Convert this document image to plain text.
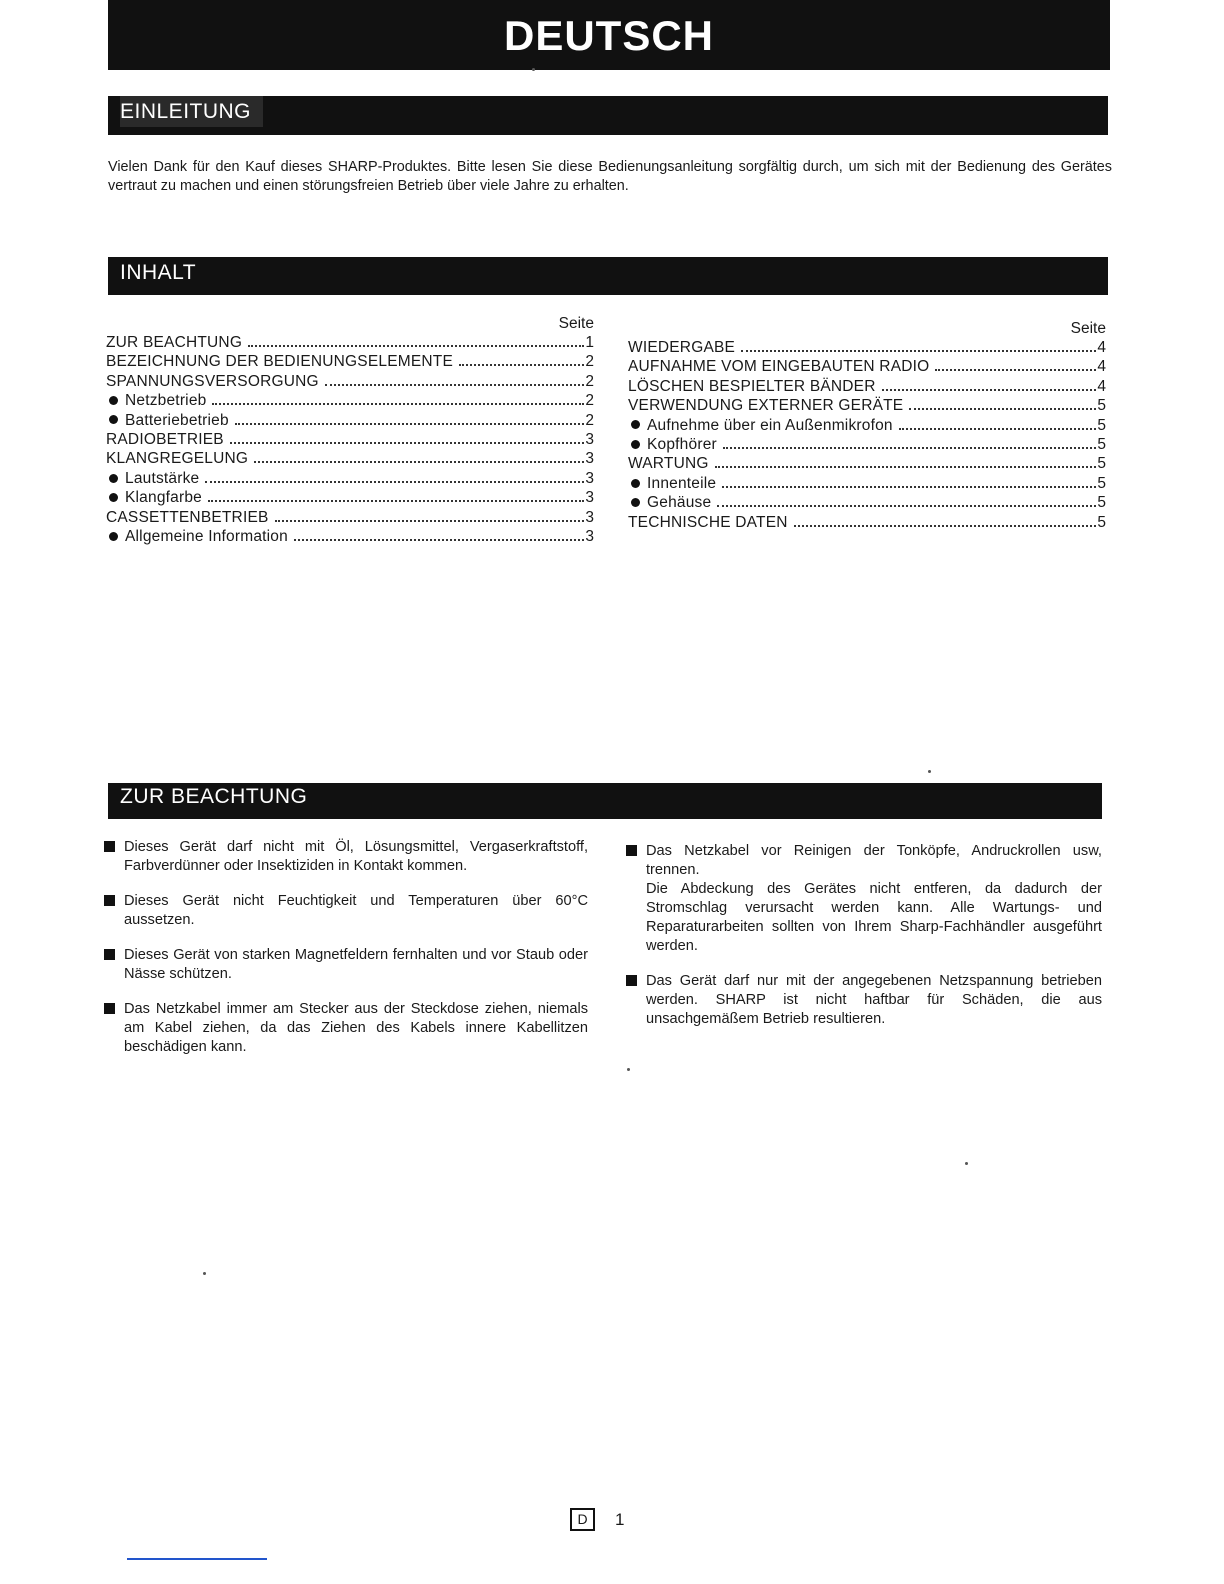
DEUTSCH
EINLEITUNG

Vielen Dank für den Kauf dieses SHARP-Produktes. Bitte lesen Sie diese Bedienungsanleitung sorgfältig durch, um sich mit der Bedienung des Gerätes vertraut zu machen und einen störungsfreien Betrieb über viele Jahre zu erhalten.

INHALT
Seite
ZUR BEACHTUNG	1
BEZEICHNUNG DER BEDIENUNGSELEMENTE	2
SPANNUNGSVERSORGUNG	2
Netzbetrieb	2
Batteriebetrieb	2
RADIOBETRIEB	3
KLANGREGELUNG	3
Lautstärke	3
Klangfarbe	3
CASSETTENBETRIEB	3
Allgemeine Information	3
Seite
WIEDERGABE	4
AUFNAHME VOM EINGEBAUTEN RADIO	4
LÖSCHEN BESPIELTER BÄNDER	4
VERWENDUNG EXTERNER GERÄTE	5
Aufnehme über ein Außenmikrofon	5
Kopfhörer	5
WARTUNG	5
Innenteile	5
Gehäuse	5
TECHNISCHE DATEN	5
ZUR BEACHTUNG
Dieses Gerät darf nicht mit Öl, Lösungsmittel, Vergaserkraftstoff, Farbverdünner oder Insektiziden in Kontakt kommen.
Dieses Gerät nicht Feuchtigkeit und Temperaturen über 60°C aussetzen.
Dieses Gerät von starken Magnetfeldern fernhalten und vor Staub oder Nässe schützen.
Das Netzkabel immer am Stecker aus der Steckdose ziehen, niemals am Kabel ziehen, da das Ziehen des Kabels innere Kabellitzen beschädigen kann.
Das Netzkabel vor Reinigen der Tonköpfe, Andruckrollen usw, trennen.
Die Abdeckung des Gerätes nicht entferen, da dadurch der Stromschlag verursacht werden kann. Alle Wartungs- und Reparaturarbeiten sollten von Ihrem Sharp-Fachhändler ausgeführt werden.
Das Gerät darf nur mit der angegebenen Netzspannung betrieben werden. SHARP ist nicht haftbar für Schäden, die aus unsachgemäßem Betrieb resultieren.
D	1
